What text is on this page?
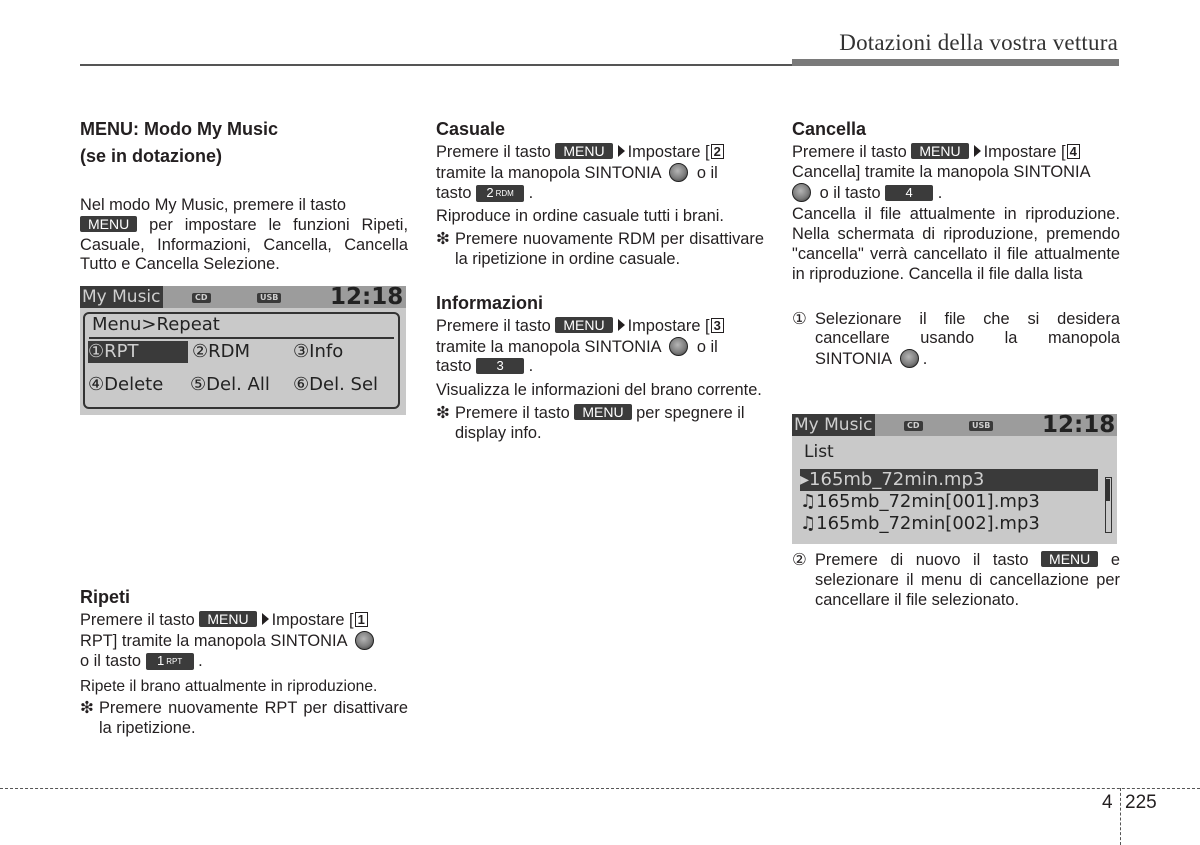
Dotazioni della vostra vettura
MENU: Modo My Music
(se in dotazione)

Nel modo My Music, premere il tasto
MENU per impostare le funzioni Ripeti, Casuale, Informazioni, Cancella, Cancella Tutto e Cancella Selezione.

Ripeti

Premere il tasto MENU Impostare [ 1
RPT] tramite la manopola SINTONIA
o il tasto 1 RPT .

Ripete il brano attualmente in riproduzione.

❇ Premere nuovamente RPT per disattivare la ripetizione.
My Music	CD	USB 12:18
Menu>Repeat
①RPT	②RDM ③Info
④Delete ⑤Del. All ⑥Del. Sel
Casuale

Premere il tasto MENU Impostare [ 2
tramite la manopola SINTONIA o il
tasto 2 RDM .

Riproduce in ordine casuale tutti i brani.

❇ Premere nuovamente RDM per disattivare la ripetizione in ordine casuale.
Informazioni

Premere il tasto MENU Impostare [ 3
tramite la manopola SINTONIA o il
tasto 3 .

Visualizza le informazioni del brano corrente.

❇ Premere il tasto MENU per spegnere il display info.
Cancella

Premere il tasto MENU Impostare [ 4
Cancella] tramite la manopola SINTONIA
o il tasto 4 .

Cancella il file attualmente in riproduzione. Nella schermata di riproduzione, premendo "cancella" verrà cancellato il file attualmente in riproduzione. Cancella il file dalla lista

① Selezionare il file che si desidera cancellare usando la manopola SINTONIA .
② Premere di nuovo il tasto MENU e selezionare il menu di cancellazione per cancellare il file selezionato.
My Music	CD	USB 12:18
List
▸165mb_72min.mp3
♫165mb_72min[001].mp3
♫165mb_72min[002].mp3
4 225
